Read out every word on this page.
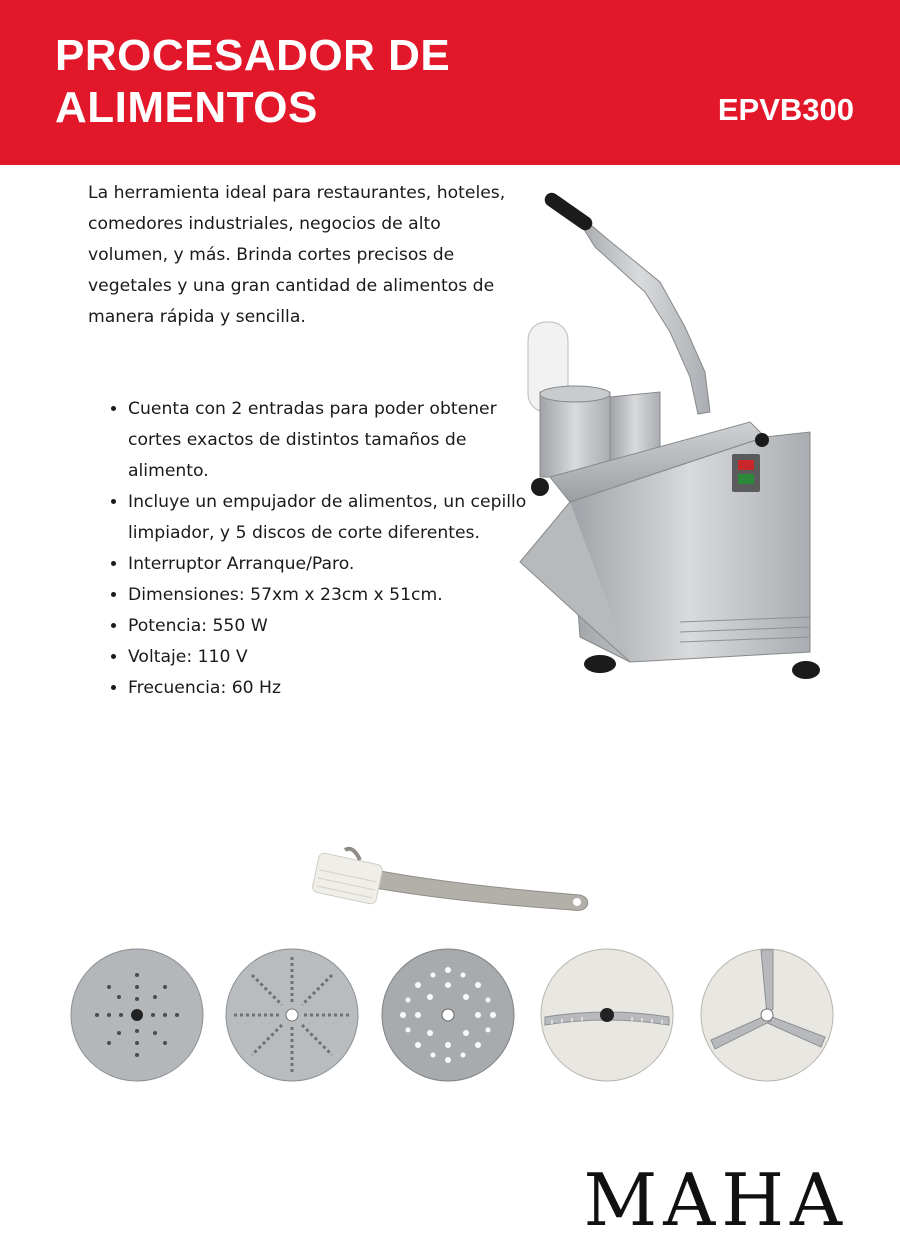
PROCESADOR DE
ALIMENTOS	EPVB300

La herramienta ideal para restaurantes, hoteles, comedores industriales, negocios de alto volumen, y más. Brinda cortes precisos de vegetales y una gran cantidad de alimentos de manera rápida y sencilla.

• Cuenta con 2 entradas para poder obtener cortes exactos de distintos tamaños de alimento.
• Incluye un empujador de alimentos, un cepillo limpiador, y 5 discos de corte diferentes.
• Interruptor Arranque/Paro.
• Dimensiones: 57xm x 23cm x 51cm.
• Potencia: 550 W
• Voltaje: 110 V
• Frecuencia: 60 Hz
MAHA
